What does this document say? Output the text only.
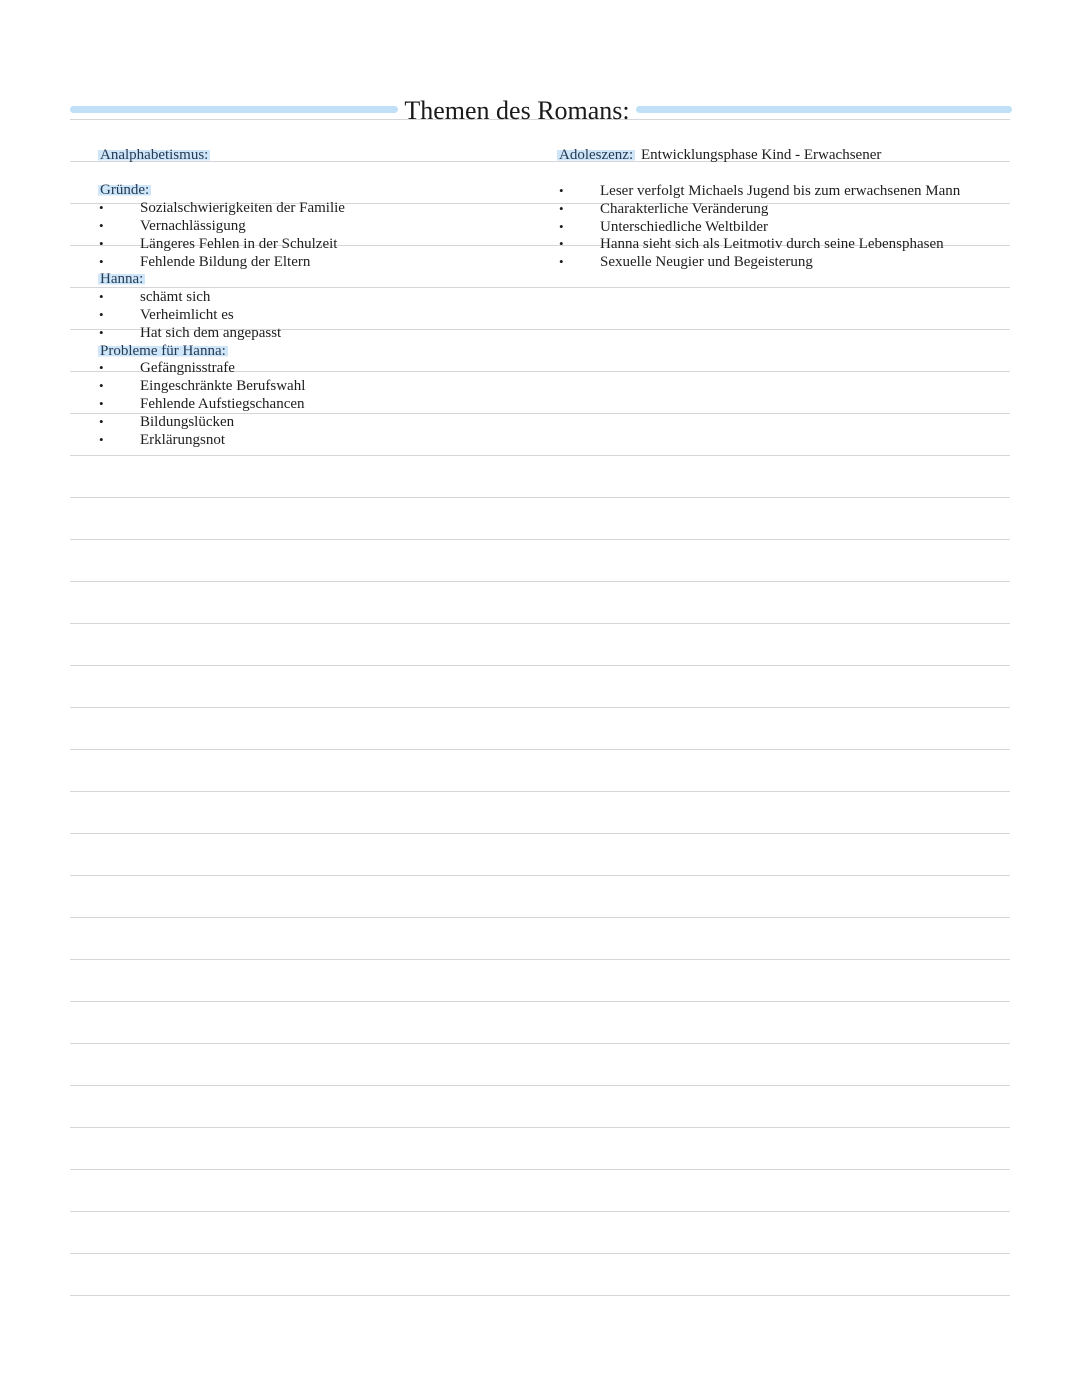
Themen des Romans:
Analphabetismus:
Gründe:
• Sozialschwierigkeiten der Familie
• Vernachlässigung
• Längeres Fehlen in der Schulzeit
• Fehlende Bildung der Eltern
Hanna:
• schämt sich
• Verheimlicht es
• Hat sich dem angepasst
Probleme für Hanna:
• Gefängnisstrafe
• Eingeschränkte Berufswahl
• Fehlende Aufstiegschancen
• Bildungslücken
• Erklärungsnot
Adoleszenz: Entwicklungsphase Kind - Erwachsener
• Leser verfolgt Michaels Jugend bis zum erwachsenen Mann
• Charakterliche Veränderung
• Unterschiedliche Weltbilder
• Hanna sieht sich als Leitmotiv durch seine Lebensphasen
• Sexuelle Neugier und Begeisterung
